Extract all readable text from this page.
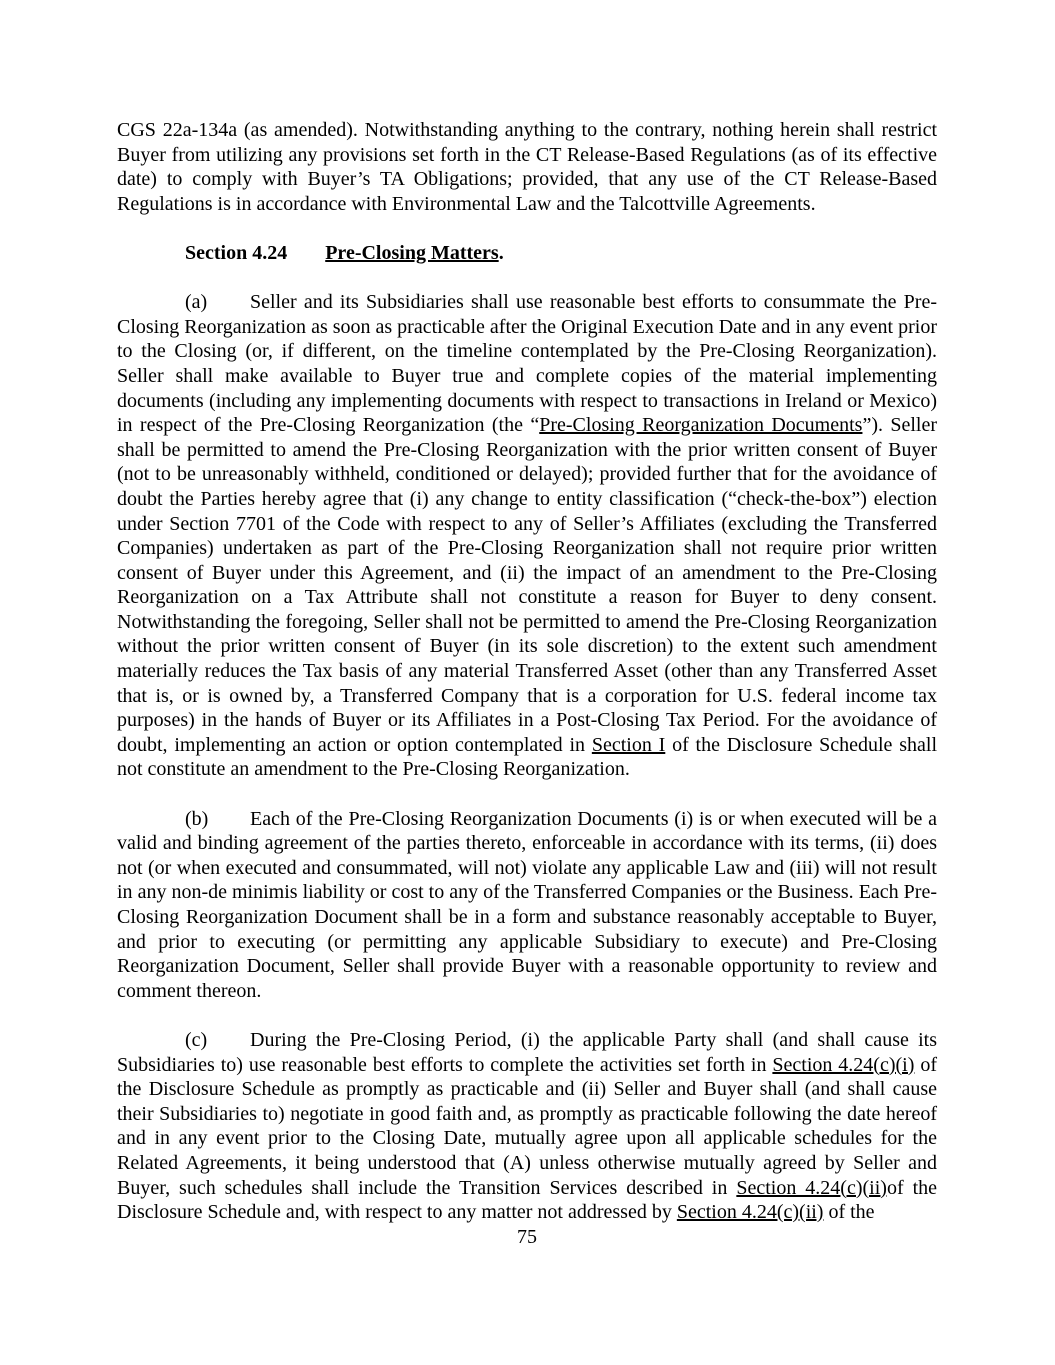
CGS 22a-134a (as amended). Notwithstanding anything to the contrary, nothing herein shall restrict Buyer from utilizing any provisions set forth in the CT Release-Based Regulations (as of its effective date) to comply with Buyer’s TA Obligations; provided, that any use of the CT Release-Based Regulations is in accordance with Environmental Law and the Talcottville Agreements.

Section 4.24 Pre-Closing Matters.

(a) Seller and its Subsidiaries shall use reasonable best efforts to consummate the Pre-Closing Reorganization as soon as practicable after the Original Execution Date and in any event prior to the Closing (or, if different, on the timeline contemplated by the Pre-Closing Reorganization). Seller shall make available to Buyer true and complete copies of the material implementing documents (including any implementing documents with respect to transactions in Ireland or Mexico) in respect of the Pre-Closing Reorganization (the “Pre-Closing Reorganization Documents”). Seller shall be permitted to amend the Pre-Closing Reorganization with the prior written consent of Buyer (not to be unreasonably withheld, conditioned or delayed); provided further that for the avoidance of doubt the Parties hereby agree that (i) any change to entity classification (“check-the-box”) election under Section 7701 of the Code with respect to any of Seller’s Affiliates (excluding the Transferred Companies) undertaken as part of the Pre-Closing Reorganization shall not require prior written consent of Buyer under this Agreement, and (ii) the impact of an amendment to the Pre-Closing Reorganization on a Tax Attribute shall not constitute a reason for Buyer to deny consent. Notwithstanding the foregoing, Seller shall not be permitted to amend the Pre-Closing Reorganization without the prior written consent of Buyer (in its sole discretion) to the extent such amendment materially reduces the Tax basis of any material Transferred Asset (other than any Transferred Asset that is, or is owned by, a Transferred Company that is a corporation for U.S. federal income tax purposes) in the hands of Buyer or its Affiliates in a Post-Closing Tax Period. For the avoidance of doubt, implementing an action or option contemplated in Section I of the Disclosure Schedule shall not constitute an amendment to the Pre-Closing Reorganization.

(b) Each of the Pre-Closing Reorganization Documents (i) is or when executed will be a valid and binding agreement of the parties thereto, enforceable in accordance with its terms, (ii) does not (or when executed and consummated, will not) violate any applicable Law and (iii) will not result in any non-de minimis liability or cost to any of the Transferred Companies or the Business. Each Pre-Closing Reorganization Document shall be in a form and substance reasonably acceptable to Buyer, and prior to executing (or permitting any applicable Subsidiary to execute) and Pre-Closing Reorganization Document, Seller shall provide Buyer with a reasonable opportunity to review and comment thereon.

(c) During the Pre-Closing Period, (i) the applicable Party shall (and shall cause its Subsidiaries to) use reasonable best efforts to complete the activities set forth in Section 4.24(c)(i) of the Disclosure Schedule as promptly as practicable and (ii) Seller and Buyer shall (and shall cause their Subsidiaries to) negotiate in good faith and, as promptly as practicable following the date hereof and in any event prior to the Closing Date, mutually agree upon all applicable schedules for the Related Agreements, it being understood that (A) unless otherwise mutually agreed by Seller and Buyer, such schedules shall include the Transition Services described in Section 4.24(c)(ii)of the Disclosure Schedule and, with respect to any matter not addressed by Section 4.24(c)(ii) of the

75
